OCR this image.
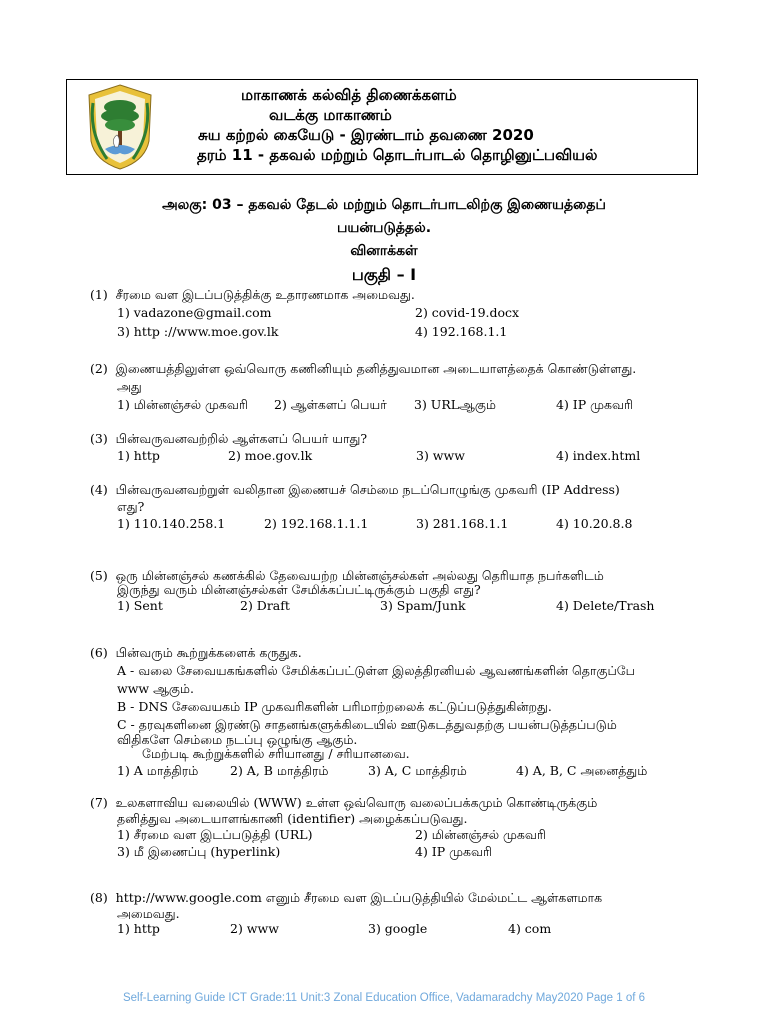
மாகாணக் கல்வித் திணைக்களம்
வடக்கு மாகாணம்
சுய கற்றல் கையேடு - இரண்டாம் தவணை 2020
தரம் 11 - தகவல் மற்றும் தொடர்பாடல் தொழினுட்பவியல்
அலகு: 03 – தகவல் தேடல் மற்றும் தொடர்பாடலிற்கு இணையத்தைப்
பயன்படுத்தல்.
வினாக்கள்
பகுதி – I
(1) சீரமை வள இடப்படுத்திக்கு உதாரணமாக அமைவது.
1) vadazone@gmail.com	2) covid-19.docx
3) http ://www.moe.gov.lk	4) 192.168.1.1
(2) இணையத்திலுள்ள ஒவ்வொரு கணினியும் தனித்துவமான அடையாளத்தைக் கொண்டுள்ளது.
அது
1) மின்னஞ்சல் முகவரி 2) ஆள்களப் பெயர் 3) URLஆகும்	4) IP முகவரி
(3) பின்வருவனவற்றில் ஆள்களப் பெயர் யாது?
1) http	2) moe.gov.lk	3) www	4) index.html
(4) பின்வருவனவற்றுள் வலிதான இணையச் செம்மை நடப்பொழுங்கு முகவரி (IP Address)
எது?
1) 110.140.258.1	2) 192.168.1.1.1	3) 281.168.1.1	4) 10.20.8.8
(5) ஒரு மின்னஞ்சல் கணக்கில் தேவையற்ற மின்னஞ்சல்கள் அல்லது தெரியாத நபர்களிடம்
இருந்து வரும் மின்னஞ்சல்கள் சேமிக்கப்பட்டிருக்கும் பகுதி எது?
1) Sent	2) Draft	3) Spam/Junk	4) Delete/Trash
(6) பின்வரும் கூற்றுக்களைக் கருதுக.
A - வலை சேவையகங்களில் சேமிக்கப்பட்டுள்ள இலத்திரனியல் ஆவணங்களின் தொகுப்பே
www ஆகும்.
B - DNS சேவையகம் IP முகவரிகளின் பரிமாற்றலைக் கட்டுப்படுத்துகின்றது.
C - தரவுகளினை இரண்டு சாதனங்களுக்கிடையில் ஊடுகடத்துவதற்கு பயன்படுத்தப்படும்
விதிகளே செம்மை நடப்பு ஒழுங்கு ஆகும்.
மேற்படி கூற்றுக்களில் சரியானது / சரியானவை.
1) A மாத்திரம்	2) A, B மாத்திரம்	3) A, C மாத்திரம்	4) A, B, C அனைத்தும்
(7) உலகளாவிய வலையில் (WWW) உள்ள ஒவ்வொரு வலைப்பக்கமும் கொண்டிருக்கும்
தனித்துவ அடையாளங்காணி (identifier) அழைக்கப்படுவது.
1) சீரமை வள இடப்படுத்தி (URL)	2) மின்னஞ்சல் முகவரி
3) மீ இணைப்பு (hyperlink)	4) IP முகவரி
(8) http://www.google.com எனும் சீரமை வள இடப்படுத்தியில் மேல்மட்ட ஆள்களமாக
அமைவது.
1) http	2) www	3) google	4) com
Self-Learning Guide ICT Grade:11 Unit:3 Zonal Education Office, Vadamaradchy May2020 Page 1 of 6
